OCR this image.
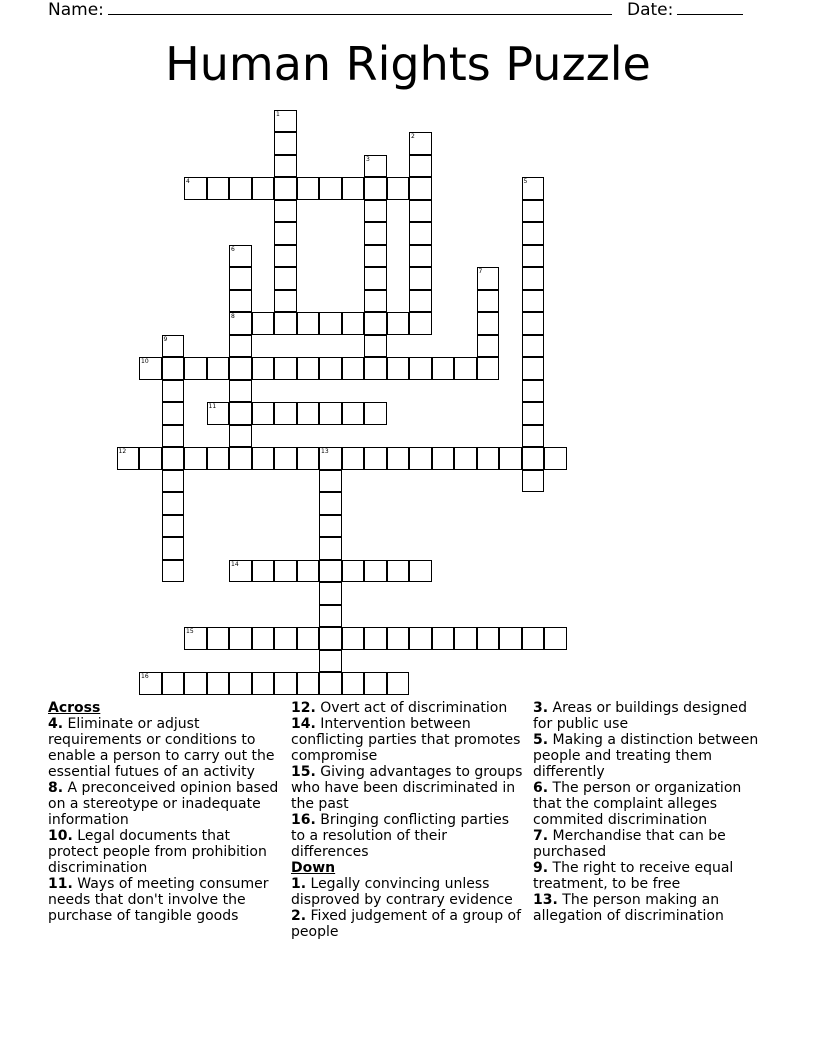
Name:	Date:
Human Rights Puzzle
1
2
3
4	5
6
8
7
9
10
11
12	13
14
15
16

Across

4. Eliminate or adjust requirements or conditions to enable a person to carry out the essential futues of an activity

8. A preconceived opinion based on a stereotype or inadequate information

10. Legal documents that protect people from prohibition discrimination

11. Ways of meeting consumer needs that don't involve the purchase of tangible goods

12. Overt act of discrimination

14. Intervention between conflicting parties that promotes compromise

15. Giving advantages to groups who have been discriminated in the past

16. Bringing conflicting parties to a resolution of their differences

Down

1. Legally convincing unless disproved by contrary evidence

2. Fixed judgement of a group of people

3. Areas or buildings designed for public use

5. Making a distinction between people and treating them differently

6. The person or organization that the complaint alleges commited discrimination

7. Merchandise that can be purchased

9. The right to receive equal treatment, to be free

13. The person making an allegation of discrimination
